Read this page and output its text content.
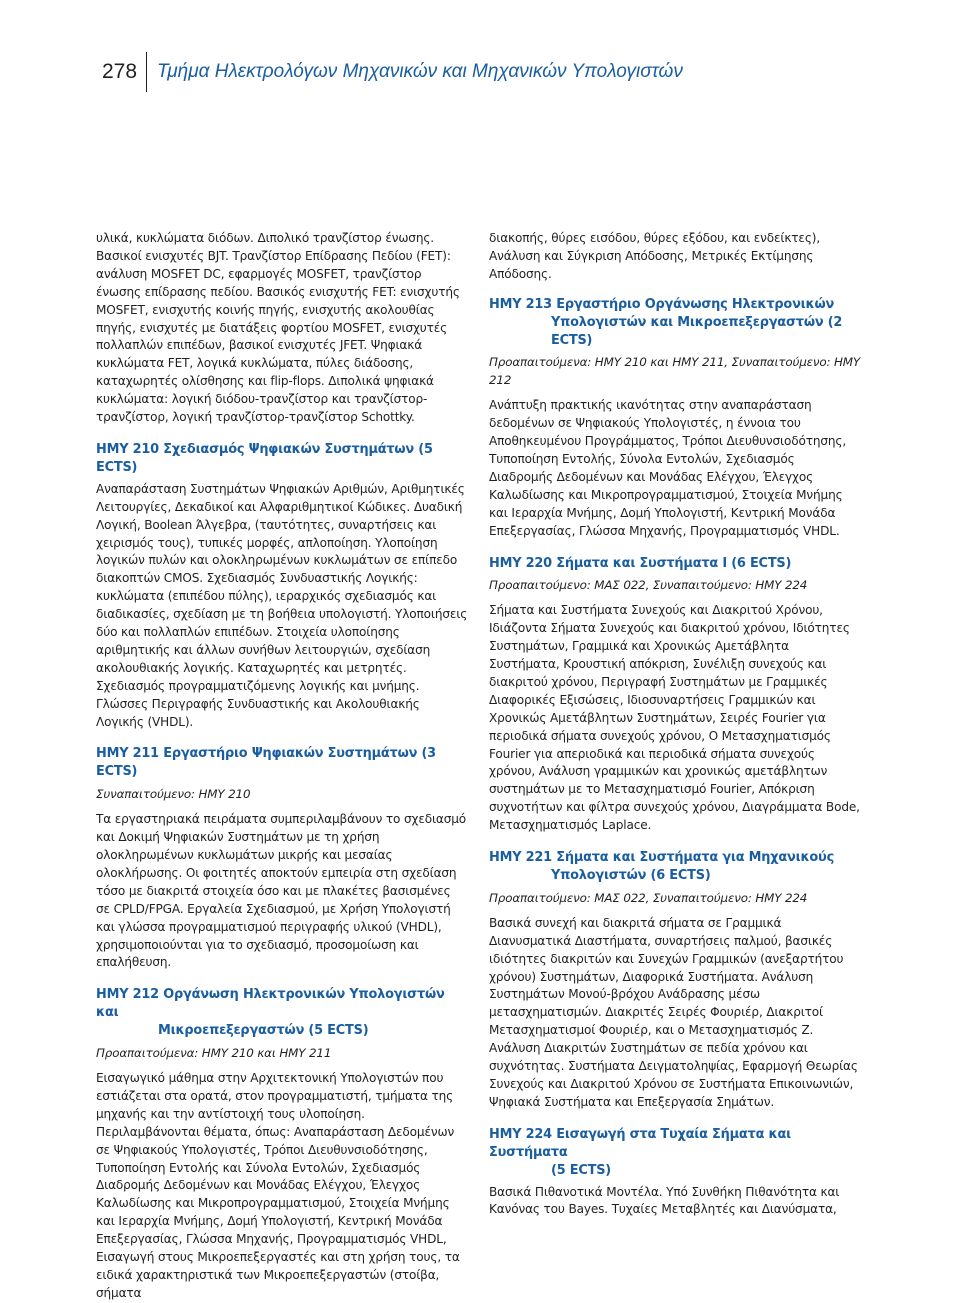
278 Τμήμα Ηλεκτρολόγων Μηχανικών και Μηχανικών Υπολογιστών

υλικά, κυκλώματα διόδων. Διπολικό τρανζίστορ ένωσης. Βασικοί ενισχυτές BJT. Τρανζίστορ Επίδρασης Πεδίου (FET): ανάλυση MOSFET DC, εφαρμογές MOSFET, τρανζίστορ ένωσης επίδρασης πεδίου. Βασικός ενισχυτής FET: ενισχυτής MOSFET, ενισχυτής κοινής πηγής, ενισχυτής ακολουθίας πηγής, ενισχυτές με διατάξεις φορτίου MOSFET, ενισχυτές πολλαπλών επιπέδων, βασικοί ενισχυτές JFET. Ψηφιακά κυκλώματα FET, λογικά κυκλώματα, πύλες διάδοσης, καταχωρητές ολίσθησης και flip-flops. Διπολικά ψηφιακά κυκλώματα: λογική διόδου-τρανζίστορ και τρανζίστορ-τρανζίστορ, λογική τρανζίστορ-τρανζίστορ Schottky.

ΗΜΥ 210 Σχεδιασμός Ψηφιακών Συστημάτων (5 ECTS)

Αναπαράσταση Συστημάτων Ψηφιακών Αριθμών, Αριθμητικές Λειτουργίες, Δεκαδικοί και Αλφαριθμητικοί Κώδικες. Δυαδική Λογική, Boolean Άλγεβρα, (ταυτότητες, συναρτήσεις και χειρισμός τους), τυπικές μορφές, απλοποίηση. Υλοποίηση λογικών πυλών και ολοκληρωμένων κυκλωμάτων σε επίπεδο διακοπτών CMOS. Σχεδιασμός Συνδυαστικής Λογικής: κυκλώματα (επιπέδου πύλης), ιεραρχικός σχεδιασμός και διαδικασίες, σχεδίαση με τη βοήθεια υπολογιστή. Υλοποιήσεις δύο και πολλαπλών επιπέδων. Στοιχεία υλοποίησης αριθμητικής και άλλων συνήθων λειτουργιών, σχεδίαση ακολουθιακής λογικής. Καταχωρητές και μετρητές. Σχεδιασμός προγραμματιζόμενης λογικής και μνήμης. Γλώσσες Περιγραφής Συνδυαστικής και Ακολουθιακής Λογικής (VHDL).

ΗΜΥ 211 Εργαστήριο Ψηφιακών Συστημάτων (3 ECTS)

Συναπαιτούμενο: ΗΜΥ 210

Τα εργαστηριακά πειράματα συμπεριλαμβάνουν το σχεδιασμό και Δοκιμή Ψηφιακών Συστημάτων με τη χρήση ολοκληρωμένων κυκλωμάτων μικρής και μεσαίας ολοκλήρωσης. Οι φοιτητές αποκτούν εμπειρία στη σχεδίαση τόσο με διακριτά στοιχεία όσο και με πλακέτες βασισμένες σε CPLD/FPGA. Εργαλεία Σχεδιασμού, με Χρήση Υπολογιστή και γλώσσα προγραμματισμού περιγραφής υλικού (VHDL), χρησιμοποιούνται για το σχεδιασμό, προσομοίωση και επαλήθευση.

ΗΜΥ 212 Οργάνωση Ηλεκτρονικών Υπολογιστών και
Μικροεπεξεργαστών (5 ECTS)

Προαπαιτούμενα: ΗΜΥ 210 και ΗΜΥ 211

Εισαγωγικό μάθημα στην Αρχιτεκτονική Υπολογιστών που εστιάζεται στα ορατά, στον προγραμματιστή, τμήματα της μηχανής και την αντίστοιχή τους υλοποίηση. Περιλαμβάνονται θέματα, όπως: Αναπαράσταση Δεδομένων σε Ψηφιακούς Υπολογιστές, Τρόποι Διευθυνσιοδότησης, Τυποποίηση Εντολής και Σύνολα Εντολών, Σχεδιασμός Διαδρομής Δεδομένων και Μονάδας Ελέγχου, Έλεγχος Καλωδίωσης και Μικροπρογραμματισμού, Στοιχεία Μνήμης και Ιεραρχία Μνήμης, Δομή Υπολογιστή, Κεντρική Μονάδα Επεξεργασίας, Γλώσσα Μηχανής, Προγραμματισμός VHDL, Εισαγωγή στους Μικροεπεξεργαστές και στη χρήση τους, τα ειδικά χαρακτηριστικά των Μικροεπεξεργαστών (στοίβα, σήματα

διακοπής, θύρες εισόδου, θύρες εξόδου, και ενδείκτες), Ανάλυση και Σύγκριση Απόδοσης, Μετρικές Εκτίμησης Απόδοσης.

ΗΜΥ 213 Εργαστήριο Οργάνωσης Ηλεκτρονικών
Υπολογιστών και Μικροεπεξεργαστών (2 ECTS)

Προαπαιτούμενα: ΗΜΥ 210 και ΗΜΥ 211, Συναπαιτούμενο: ΗΜΥ 212

Ανάπτυξη πρακτικής ικανότητας στην αναπαράσταση δεδομένων σε Ψηφιακούς Υπολογιστές, η έννοια του Αποθηκευμένου Προγράμματος, Τρόποι Διευθυνσιοδότησης, Τυποποίηση Εντολής, Σύνολα Εντολών, Σχεδιασμός Διαδρομής Δεδομένων και Μονάδας Ελέγχου, Έλεγχος Καλωδίωσης και Μικροπρογραμματισμού, Στοιχεία Μνήμης και Ιεραρχία Μνήμης, Δομή Υπολογιστή, Κεντρική Μονάδα Επεξεργασίας, Γλώσσα Μηχανής, Προγραμματισμός VHDL.

ΗΜΥ 220 Σήματα και Συστήματα Ι (6 ECTS)

Προαπαιτούμενο: ΜΑΣ 022, Συναπαιτούμενο: ΗΜΥ 224

Σήματα και Συστήματα Συνεχούς και Διακριτού Χρόνου, Ιδιάζοντα Σήματα Συνεχούς και διακριτού χρόνου, Ιδιότητες Συστημάτων, Γραμμικά και Χρονικώς Αμετάβλητα Συστήματα, Κρουστική απόκριση, Συνέλιξη συνεχούς και διακριτού χρόνου, Περιγραφή Συστημάτων με Γραμμικές Διαφορικές Εξισώσεις, Ιδιοσυναρτήσεις Γραμμικών και Χρονικώς Αμετάβλητων Συστημάτων, Σειρές Fourier για περιοδικά σήματα συνεχούς χρόνου, Ο Μετασχηματισμός Fourier για απεριοδικά και περιοδικά σήματα συνεχούς χρόνου, Ανάλυση γραμμικών και χρονικώς αμετάβλητων συστημάτων με το Μετασχηματισμό Fourier, Απόκριση συχνοτήτων και φίλτρα συνεχούς χρόνου, Διαγράμματα Bode, Μετασχηματισμός Laplace.

ΗΜΥ 221 Σήματα και Συστήματα για Μηχανικούς
Υπολογιστών (6 ECTS)

Προαπαιτούμενο: ΜΑΣ 022, Συναπαιτούμενο: ΗΜΥ 224

Βασικά συνεχή και διακριτά σήματα σε Γραμμικά Διανυσματικά Διαστήματα, συναρτήσεις παλμού, βασικές ιδιότητες διακριτών και Συνεχών Γραμμικών (ανεξαρτήτου χρόνου) Συστημάτων, Διαφορικά Συστήματα. Ανάλυση Συστημάτων Μονού-βρόχου Ανάδρασης μέσω μετασχηματισμών. Διακριτές Σειρές Φουριέρ, Διακριτοί Μετασχηματισμοί Φουριέρ, και ο Μετασχηματισμός Ζ. Ανάλυση Διακριτών Συστημάτων σε πεδία χρόνου και συχνότητας. Συστήματα Δειγματοληψίας, Εφαρμογή Θεωρίας Συνεχούς και Διακριτού Χρόνου σε Συστήματα Επικοινωνιών, Ψηφιακά Συστήματα και Επεξεργασία Σημάτων.

ΗΜΥ 224 Εισαγωγή στα Τυχαία Σήματα και Συστήματα
(5 ECTS)

Βασικά Πιθανοτικά Μοντέλα. Υπό Συνθήκη Πιθανότητα και Κανόνας του Bayes. Τυχαίες Μεταβλητές και Διανύσματα,
